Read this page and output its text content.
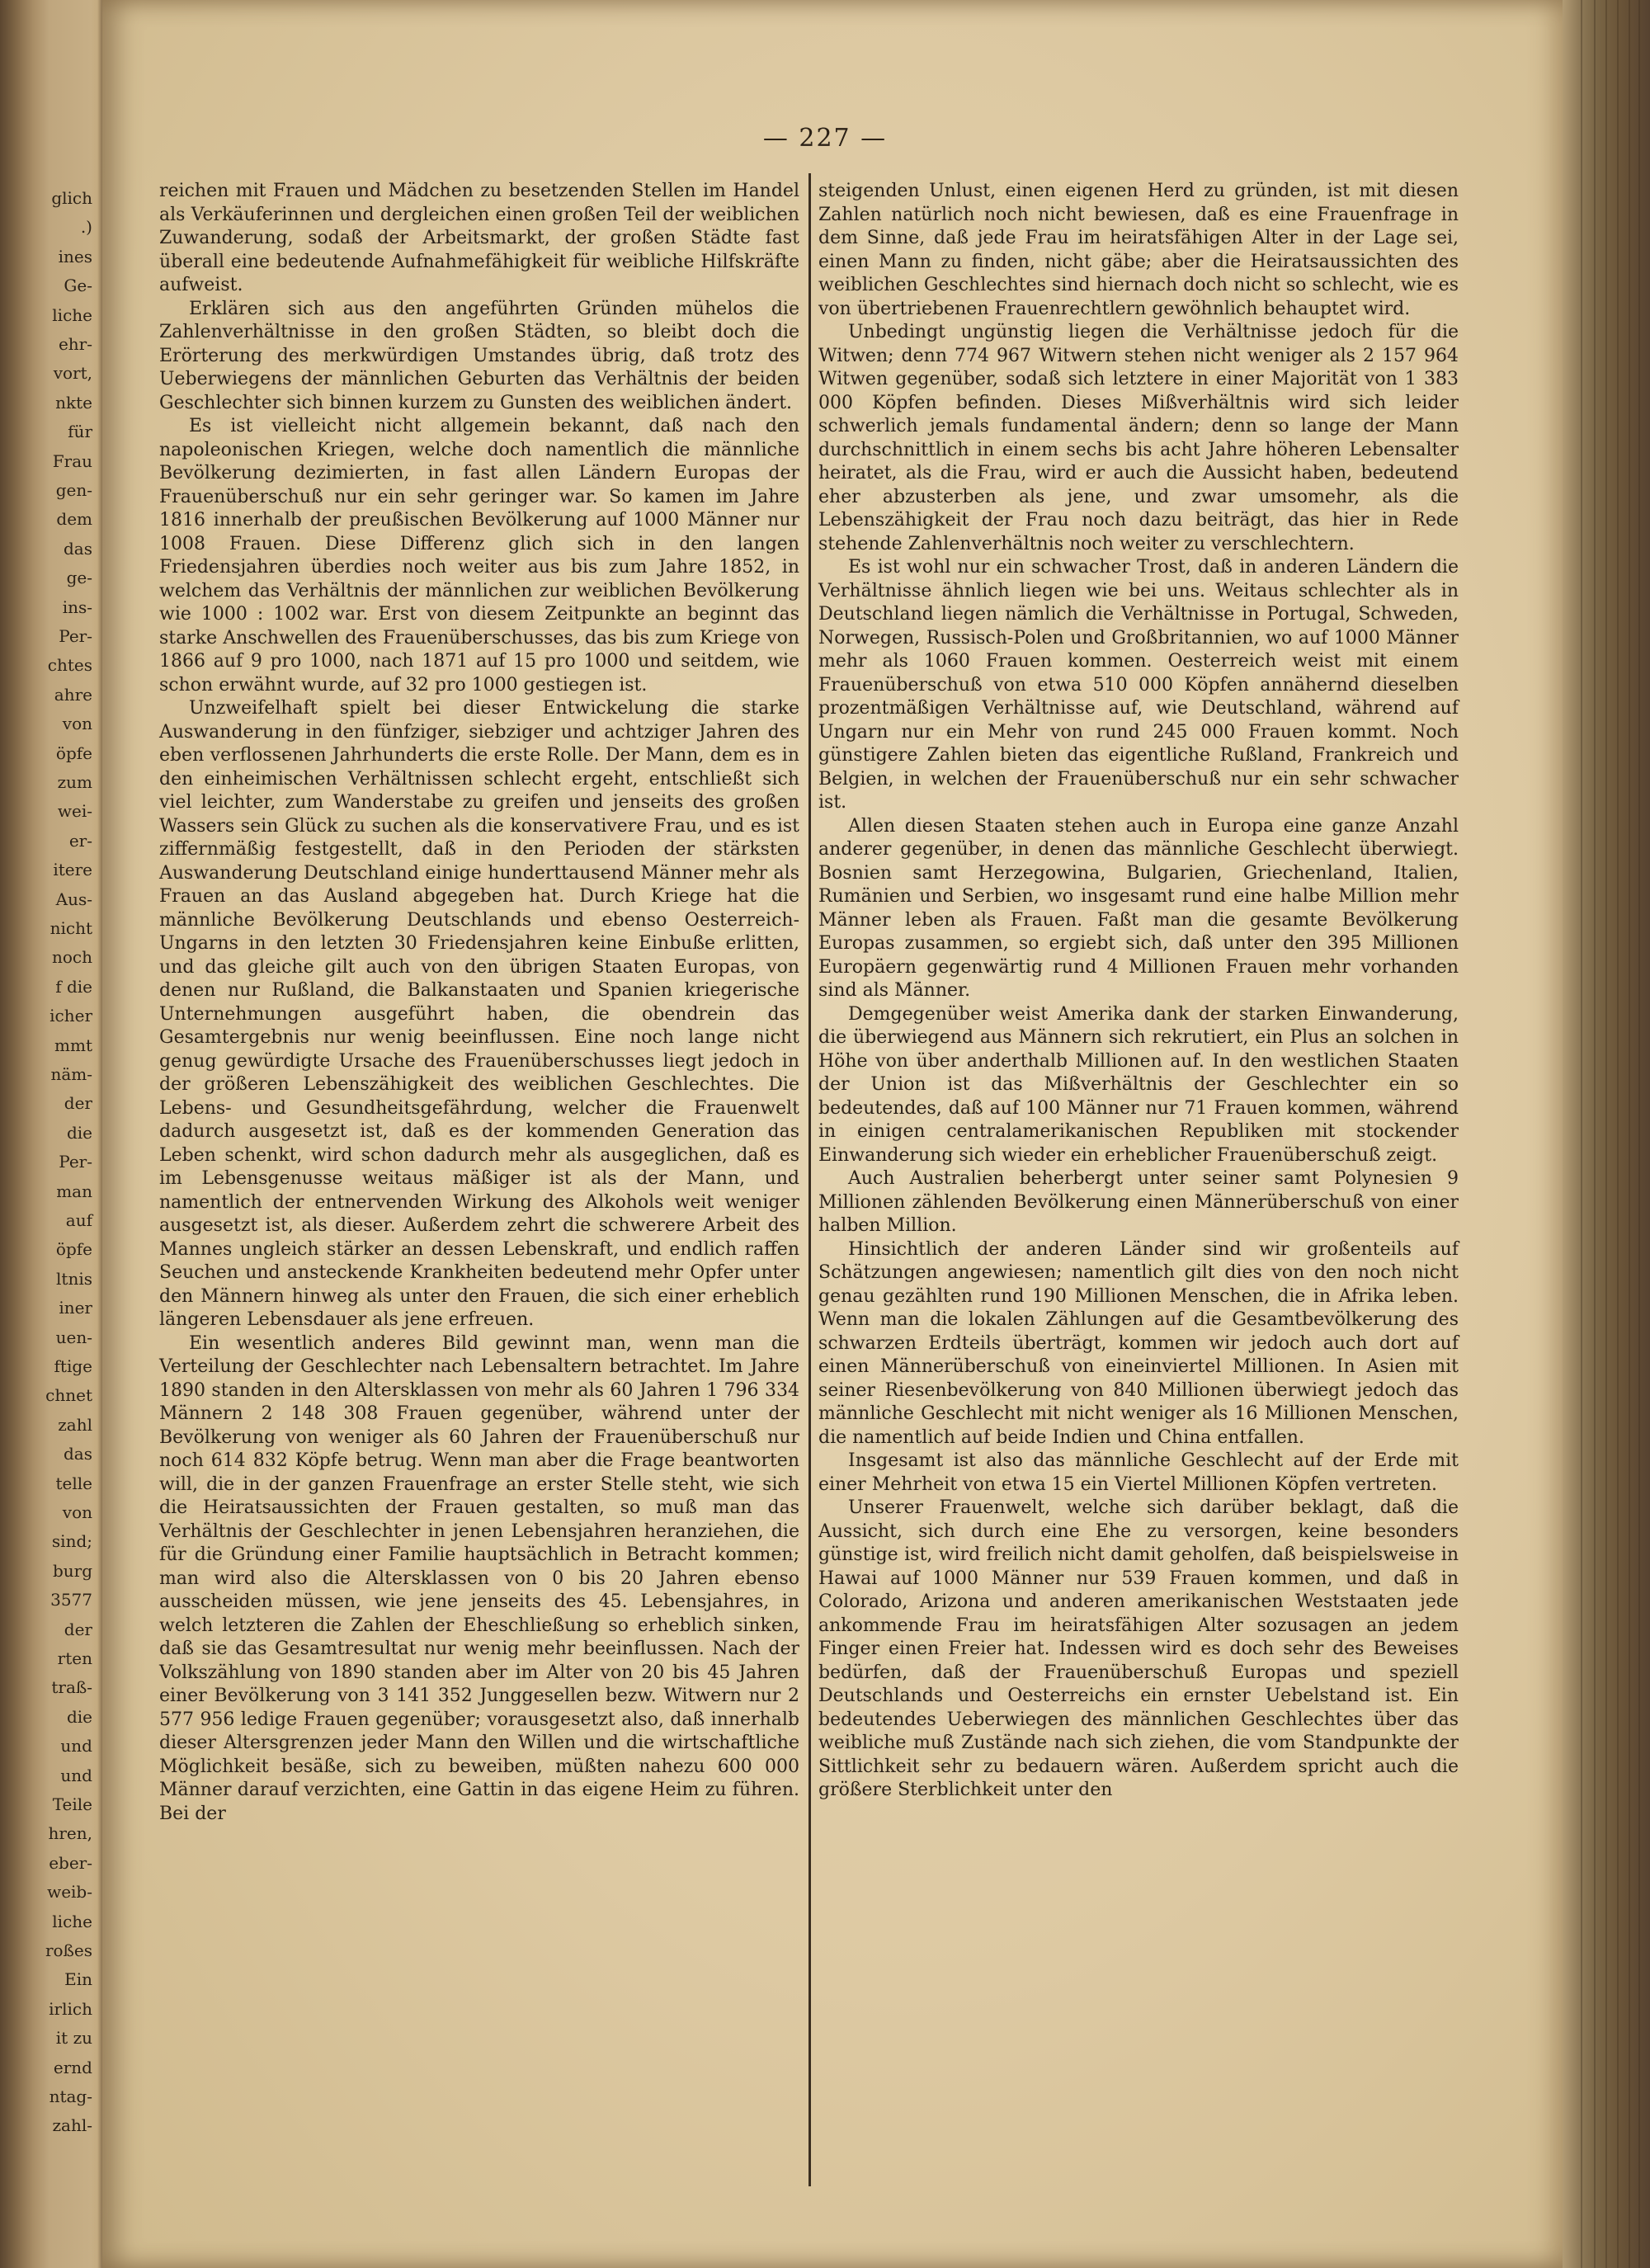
glich
.)
ines
Ge-
liche
ehr-
vort,
nkte
für
Frau
gen-
dem
das
ge-
ins-
Per-
chtes
ahre
von
öpfe
zum
wei-
er-
itere
Aus-
nicht
noch
f die
icher
mmt
näm-
der
die
Per-
man
auf
öpfe
ltnis
iner
uen-
ftige
chnet
zahl
das
telle
von
sind;
burg
3577
der
rten
traß-
die
und
und
Teile
hren,
eber-
weib-
liche
roßes
Ein
irlich
it zu
ernd
ntag-
zahl-
— 227 —

reichen mit Frauen und Mädchen zu besetzenden Stellen im Handel als Verkäuferinnen und dergleichen einen großen Teil der weiblichen Zuwanderung, sodaß der Arbeitsmarkt, der großen Städte fast überall eine bedeutende Aufnahmefähigkeit für weibliche Hilfskräfte aufweist.

Erklären sich aus den angeführten Gründen mühelos die Zahlenverhältnisse in den großen Städten, so bleibt doch die Erörterung des merkwürdigen Umstandes übrig, daß trotz des Ueberwiegens der männlichen Geburten das Verhältnis der beiden Geschlechter sich binnen kurzem zu Gunsten des weiblichen ändert.

Es ist vielleicht nicht allgemein bekannt, daß nach den napoleonischen Kriegen, welche doch namentlich die männliche Bevölkerung dezimierten, in fast allen Ländern Europas der Frauenüberschuß nur ein sehr geringer war. So kamen im Jahre 1816 innerhalb der preußischen Bevölkerung auf 1000 Männer nur 1008 Frauen. Diese Differenz glich sich in den langen Friedensjahren überdies noch weiter aus bis zum Jahre 1852, in welchem das Verhältnis der männlichen zur weiblichen Bevölkerung wie 1000 : 1002 war. Erst von diesem Zeitpunkte an beginnt das starke Anschwellen des Frauenüberschusses, das bis zum Kriege von 1866 auf 9 pro 1000, nach 1871 auf 15 pro 1000 und seitdem, wie schon erwähnt wurde, auf 32 pro 1000 gestiegen ist.

Unzweifelhaft spielt bei dieser Entwickelung die starke Auswanderung in den fünfziger, siebziger und achtziger Jahren des eben verflossenen Jahrhunderts die erste Rolle. Der Mann, dem es in den einheimischen Verhältnissen schlecht ergeht, entschließt sich viel leichter, zum Wanderstabe zu greifen und jenseits des großen Wassers sein Glück zu suchen als die konservativere Frau, und es ist ziffernmäßig festgestellt, daß in den Perioden der stärksten Auswanderung Deutschland einige hunderttausend Männer mehr als Frauen an das Ausland abgegeben hat. Durch Kriege hat die männliche Bevölkerung Deutschlands und ebenso Oesterreich-Ungarns in den letzten 30 Friedensjahren keine Einbuße erlitten, und das gleiche gilt auch von den übrigen Staaten Europas, von denen nur Rußland, die Balkanstaaten und Spanien kriegerische Unternehmungen ausgeführt haben, die obendrein das Gesamtergebnis nur wenig beeinflussen. Eine noch lange nicht genug gewürdigte Ursache des Frauenüberschusses liegt jedoch in der größeren Lebenszähigkeit des weiblichen Geschlechtes. Die Lebens- und Gesundheitsgefährdung, welcher die Frauenwelt dadurch ausgesetzt ist, daß es der kommenden Generation das Leben schenkt, wird schon dadurch mehr als ausgeglichen, daß es im Lebensgenusse weitaus mäßiger ist als der Mann, und namentlich der entnervenden Wirkung des Alkohols weit weniger ausgesetzt ist, als dieser. Außerdem zehrt die schwerere Arbeit des Mannes ungleich stärker an dessen Lebenskraft, und endlich raffen Seuchen und ansteckende Krankheiten bedeutend mehr Opfer unter den Männern hinweg als unter den Frauen, die sich einer erheblich längeren Lebensdauer als jene erfreuen.

Ein wesentlich anderes Bild gewinnt man, wenn man die Verteilung der Geschlechter nach Lebensaltern betrachtet. Im Jahre 1890 standen in den Altersklassen von mehr als 60 Jahren 1 796 334 Männern 2 148 308 Frauen gegenüber, während unter der Bevölkerung von weniger als 60 Jahren der Frauenüberschuß nur noch 614 832 Köpfe betrug. Wenn man aber die Frage beantworten will, die in der ganzen Frauenfrage an erster Stelle steht, wie sich die Heiratsaussichten der Frauen gestalten, so muß man das Verhältnis der Geschlechter in jenen Lebensjahren heranziehen, die für die Gründung einer Familie hauptsächlich in Betracht kommen; man wird also die Altersklassen von 0 bis 20 Jahren ebenso ausscheiden müssen, wie jene jenseits des 45. Lebensjahres, in welch letzteren die Zahlen der Eheschließung so erheblich sinken, daß sie das Gesamtresultat nur wenig mehr beeinflussen. Nach der Volkszählung von 1890 standen aber im Alter von 20 bis 45 Jahren einer Bevölkerung von 3 141 352 Junggesellen bezw. Witwern nur 2 577 956 ledige Frauen gegenüber; vorausgesetzt also, daß innerhalb dieser Altersgrenzen jeder Mann den Willen und die wirtschaftliche Möglichkeit besäße, sich zu beweiben, müßten nahezu 600 000 Männer darauf verzichten, eine Gattin in das eigene Heim zu führen. Bei der

steigenden Unlust, einen eigenen Herd zu gründen, ist mit diesen Zahlen natürlich noch nicht bewiesen, daß es eine Frauenfrage in dem Sinne, daß jede Frau im heiratsfähigen Alter in der Lage sei, einen Mann zu finden, nicht gäbe; aber die Heiratsaussichten des weiblichen Geschlechtes sind hiernach doch nicht so schlecht, wie es von übertriebenen Frauenrechtlern gewöhnlich behauptet wird.

Unbedingt ungünstig liegen die Verhältnisse jedoch für die Witwen; denn 774 967 Witwern stehen nicht weniger als 2 157 964 Witwen gegenüber, sodaß sich letztere in einer Majorität von 1 383 000 Köpfen befinden. Dieses Mißverhältnis wird sich leider schwerlich jemals fundamental ändern; denn so lange der Mann durchschnittlich in einem sechs bis acht Jahre höheren Lebensalter heiratet, als die Frau, wird er auch die Aussicht haben, bedeutend eher abzusterben als jene, und zwar umsomehr, als die Lebenszähigkeit der Frau noch dazu beiträgt, das hier in Rede stehende Zahlenverhältnis noch weiter zu verschlechtern.

Es ist wohl nur ein schwacher Trost, daß in anderen Ländern die Verhältnisse ähnlich liegen wie bei uns. Weitaus schlechter als in Deutschland liegen nämlich die Verhältnisse in Portugal, Schweden, Norwegen, Russisch-Polen und Großbritannien, wo auf 1000 Männer mehr als 1060 Frauen kommen. Oesterreich weist mit einem Frauenüberschuß von etwa 510 000 Köpfen annähernd dieselben prozentmäßigen Verhältnisse auf, wie Deutschland, während auf Ungarn nur ein Mehr von rund 245 000 Frauen kommt. Noch günstigere Zahlen bieten das eigentliche Rußland, Frankreich und Belgien, in welchen der Frauenüberschuß nur ein sehr schwacher ist.

Allen diesen Staaten stehen auch in Europa eine ganze Anzahl anderer gegenüber, in denen das männliche Geschlecht überwiegt. Bosnien samt Herzegowina, Bulgarien, Griechenland, Italien, Rumänien und Serbien, wo insgesamt rund eine halbe Million mehr Männer leben als Frauen. Faßt man die gesamte Bevölkerung Europas zusammen, so ergiebt sich, daß unter den 395 Millionen Europäern gegenwärtig rund 4 Millionen Frauen mehr vorhanden sind als Männer.

Demgegenüber weist Amerika dank der starken Einwanderung, die überwiegend aus Männern sich rekrutiert, ein Plus an solchen in Höhe von über anderthalb Millionen auf. In den westlichen Staaten der Union ist das Mißverhältnis der Geschlechter ein so bedeutendes, daß auf 100 Männer nur 71 Frauen kommen, während in einigen centralamerikanischen Republiken mit stockender Einwanderung sich wieder ein erheblicher Frauenüberschuß zeigt.

Auch Australien beherbergt unter seiner samt Polynesien 9 Millionen zählenden Bevölkerung einen Männerüberschuß von einer halben Million.

Hinsichtlich der anderen Länder sind wir großenteils auf Schätzungen angewiesen; namentlich gilt dies von den noch nicht genau gezählten rund 190 Millionen Menschen, die in Afrika leben. Wenn man die lokalen Zählungen auf die Gesamtbevölkerung des schwarzen Erdteils überträgt, kommen wir jedoch auch dort auf einen Männerüberschuß von eineinviertel Millionen. In Asien mit seiner Riesenbevölkerung von 840 Millionen überwiegt jedoch das männliche Geschlecht mit nicht weniger als 16 Millionen Menschen, die namentlich auf beide Indien und China entfallen.

Insgesamt ist also das männliche Geschlecht auf der Erde mit einer Mehrheit von etwa 15 ein Viertel Millionen Köpfen vertreten.

Unserer Frauenwelt, welche sich darüber beklagt, daß die Aussicht, sich durch eine Ehe zu versorgen, keine besonders günstige ist, wird freilich nicht damit geholfen, daß beispielsweise in Hawai auf 1000 Männer nur 539 Frauen kommen, und daß in Colorado, Arizona und anderen amerikanischen Weststaaten jede ankommende Frau im heiratsfähigen Alter sozusagen an jedem Finger einen Freier hat. Indessen wird es doch sehr des Beweises bedürfen, daß der Frauenüberschuß Europas und speziell Deutschlands und Oesterreichs ein ernster Uebelstand ist. Ein bedeutendes Ueberwiegen des männlichen Geschlechtes über das weibliche muß Zustände nach sich ziehen, die vom Standpunkte der Sittlichkeit sehr zu bedauern wären. Außerdem spricht auch die größere Sterblichkeit unter den
